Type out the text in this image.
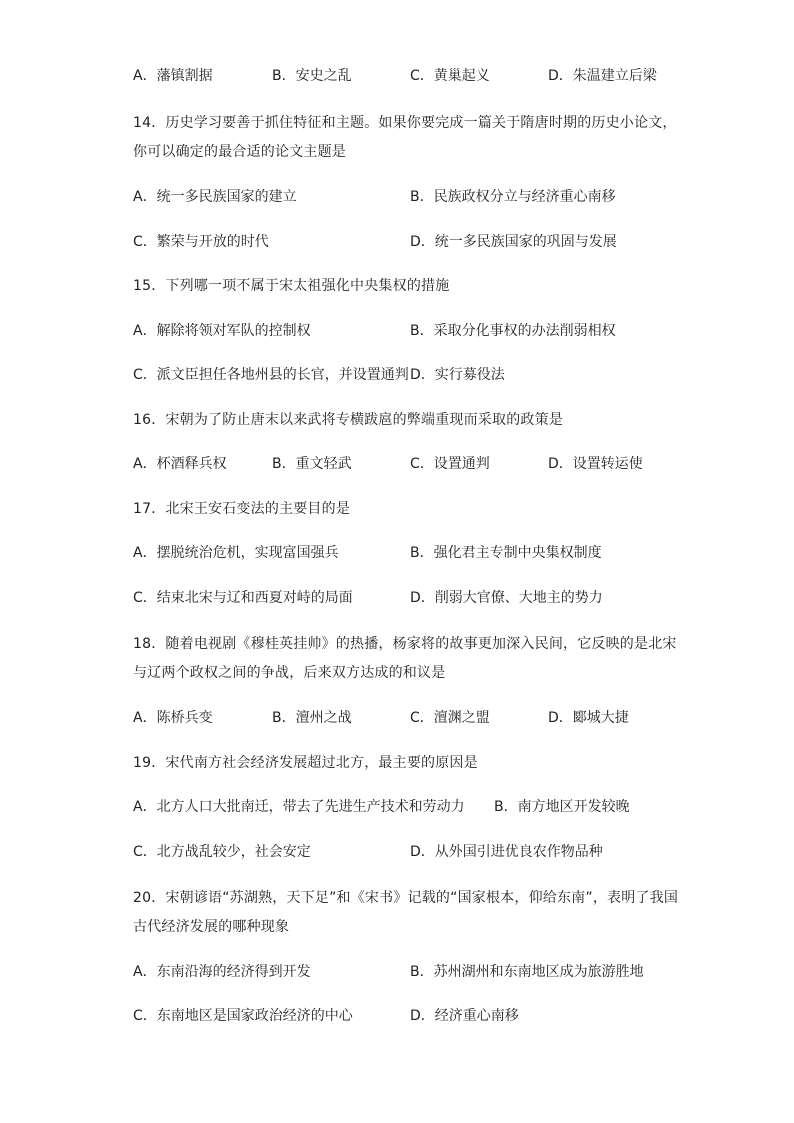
A．藩镇割据	B．安史之乱	C．黄巢起义	D．朱温建立后梁
14．历史学习要善于抓住特征和主题。如果你要完成一篇关于隋唐时期的历史小论文，
你可以确定的最合适的论文主题是
A．统一多民族国家的建立	B．民族政权分立与经济重心南移
C．繁荣与开放的时代	D．统一多民族国家的巩固与发展
15．下列哪一项不属于宋太祖强化中央集权的措施
A．解除将领对军队的控制权	B．采取分化事权的办法削弱相权
C．派文臣担任各地州县的长官，并设置通判 D．实行募役法
16．宋朝为了防止唐末以来武将专横跋扈的弊端重现而采取的政策是
A．杯酒释兵权	B．重文轻武	C．设置通判	D．设置转运使
17．北宋王安石变法的主要目的是
A．摆脱统治危机，实现富国强兵	B．强化君主专制中央集权制度
C．结束北宋与辽和西夏对峙的局面	D．削弱大官僚、大地主的势力
18．随着电视剧《穆桂英挂帅》的热播，杨家将的故事更加深入民间，它反映的是北宋
与辽两个政权之间的争战，后来双方达成的和议是
A．陈桥兵变	B．澶州之战	C．澶渊之盟	D．郾城大捷
19．宋代南方社会经济发展超过北方，最主要的原因是
A．北方人口大批南迁，带去了先进生产技术和劳动力 B．南方地区开发较晚
C．北方战乱较少，社会安定	D．从外国引进优良农作物品种
20．宋朝谚语“苏湖熟，天下足”和《宋书》记载的“国家根本，仰给东南”，表明了我国
古代经济发展的哪种现象
A．东南沿海的经济得到开发	B．苏州湖州和东南地区成为旅游胜地
C．东南地区是国家政治经济的中心	D．经济重心南移
